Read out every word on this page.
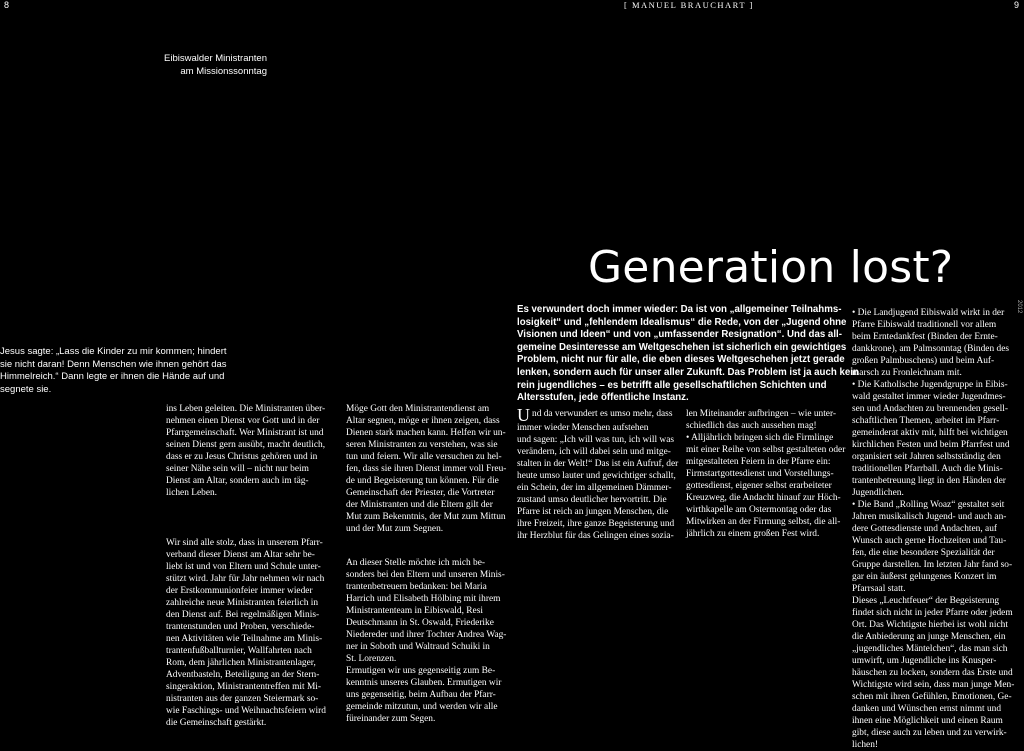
8	9
[ MANUEL BRAUCHART ]

Eibiswalder Ministranten

am Missionssonntag

Jesus sagte: „Lass die Kinder zu mir kommen; hindert

sie nicht daran! Denn Menschen wie ihnen gehört das

Himmelreich.“ Dann legte er ihnen die Hände auf und

segnete sie.

Generation lost?

Es verwundert doch immer wieder: Da ist von „allgemeiner Teilnahms-

losigkeit“ und „fehlendem Idealismus“ die Rede, von der „Jugend ohne

Visionen und Ideen“ und von „umfassender Resignation“. Und das all-

gemeine Desinteresse am Weltgeschehen ist sicherlich ein gewichtiges

Problem, nicht nur für alle, die eben dieses Weltgeschehen jetzt gerade

lenken, sondern auch für unser aller Zukunft. Das Problem ist ja auch kein

rein jugendliches – es betrifft alle gesellschaftlichen Schichten und

Altersstufen, jede öffentliche Instanz.

ins Leben geleiten. Die Ministranten über-

nehmen einen Dienst vor Gott und in der

Pfarrgemeinschaft. Wer Ministrant ist und

seinen Dienst gern ausübt, macht deutlich,

dass er zu Jesus Christus gehören und in

seiner Nähe sein will – nicht nur beim

Dienst am Altar, sondern auch im täg-

lichen Leben.

Wir sind alle stolz, dass in unserem Pfarr-

verband dieser Dienst am Altar sehr be-

liebt ist und von Eltern und Schule unter-

stützt wird. Jahr für Jahr nehmen wir nach

der Erstkommunionfeier immer wieder

zahlreiche neue Ministranten feierlich in

den Dienst auf. Bei regelmäßigen Minis-

trantenstunden und Proben, verschiede-

nen Aktivitäten wie Teilnahme am Minis-

trantenfußballturnier, Wallfahrten nach

Rom, dem jährlichen Ministrantenlager,

Adventbasteln, Beteiligung an der Stern-

singeraktion, Ministrantentreffen mit Mi-

nistranten aus der ganzen Steiermark so-

wie Faschings- und Weihnachtsfeiern wird

die Gemeinschaft gestärkt.

Möge Gott den Ministrantendienst am

Altar segnen, möge er ihnen zeigen, dass

Dienen stark machen kann. Helfen wir un-

seren Ministranten zu verstehen, was sie

tun und feiern. Wir alle versuchen zu hel-

fen, dass sie ihren Dienst immer voll Freu-

de und Begeisterung tun können. Für die

Gemeinschaft der Priester, die Vortreter

der Ministranten und die Eltern gilt der

Mut zum Bekenntnis, der Mut zum Mittun

und der Mut zum Segnen.

An dieser Stelle möchte ich mich be-

sonders bei den Eltern und unseren Minis-

trantenbetreuern bedanken: bei Maria

Harrich und Elisabeth Hölbing mit ihrem

Ministrantenteam in Eibiswald, Resi

Deutschmann in St. Oswald, Friederike

Niedereder und ihrer Tochter Andrea Wag-

ner in Soboth und Waltraud Schuiki in

St. Lorenzen.

Ermutigen wir uns gegenseitig zum Be-

kenntnis unseres Glauben. Ermutigen wir

uns gegenseitig, beim Aufbau der Pfarr-

gemeinde mitzutun, und werden wir alle

füreinander zum Segen.

Und da verwundert es umso mehr, dass

immer wieder Menschen aufstehen

und sagen: „Ich will was tun, ich will was

verändern, ich will dabei sein und mitge-

stalten in der Welt!“ Das ist ein Aufruf, der

heute umso lauter und gewichtiger schallt,

ein Schein, der im allgemeinen Dämmer-

zustand umso deutlicher hervortritt. Die

Pfarre ist reich an jungen Menschen, die

ihre Freizeit, ihre ganze Begeisterung und

ihr Herzblut für das Gelingen eines sozia-

len Miteinander aufbringen – wie unter-

schiedlich das auch aussehen mag!

• Alljährlich bringen sich die Firmlinge

mit einer Reihe von selbst gestalteten oder

mitgestalteten Feiern in der Pfarre ein:

Firmstartgottesdienst und Vorstellungs-

gottesdienst, eigener selbst erarbeiteter

Kreuzweg, die Andacht hinauf zur Höch-

wirthkapelle am Ostermontag oder das

Mitwirken an der Firmung selbst, die all-

jährlich zu einem großen Fest wird.

• Die Landjugend Eibiswald wirkt in der

Pfarre Eibiswald traditionell vor allem

beim Erntedankfest (Binden der Ernte-

dankkrone), am Palmsonntag (Binden des

großen Palmbuschens) und beim Auf-

marsch zu Fronleichnam mit.

• Die Katholische Jugendgruppe in Eibis-

wald gestaltet immer wieder Jugendmes-

sen und Andachten zu brennenden gesell-

schaftlichen Themen, arbeitet im Pfarr-

gemeinderat aktiv mit, hilft bei wichtigen

kirchlichen Festen und beim Pfarrfest und

organisiert seit Jahren selbstständig den

traditionellen Pfarrball. Auch die Minis-

trantenbetreuung liegt in den Händen der

Jugendlichen.

• Die Band „Rolling Woaz“ gestaltet seit

Jahren musikalisch Jugend- und auch an-

dere Gottesdienste und Andachten, auf

Wunsch auch gerne Hochzeiten und Tau-

fen, die eine besondere Spezialität der

Gruppe darstellen. Im letzten Jahr fand so-

gar ein äußerst gelungenes Konzert im

Pfarrsaal statt.

Dieses „Leuchtfeuer“ der Begeisterung

findet sich nicht in jeder Pfarre oder jedem

Ort. Das Wichtigste hierbei ist wohl nicht

die Anbiederung an junge Menschen, ein

„jugendliches Mäntelchen“, das man sich

umwirft, um Jugendliche ins Knusper-

häuschen zu locken, sondern das Erste und

Wichtigste wird sein, dass man junge Men-

schen mit ihren Gefühlen, Emotionen, Ge-

danken und Wünschen ernst nimmt und

ihnen eine Möglichkeit und einen Raum

gibt, diese auch zu leben und zu verwirk-

lichen!

2012
